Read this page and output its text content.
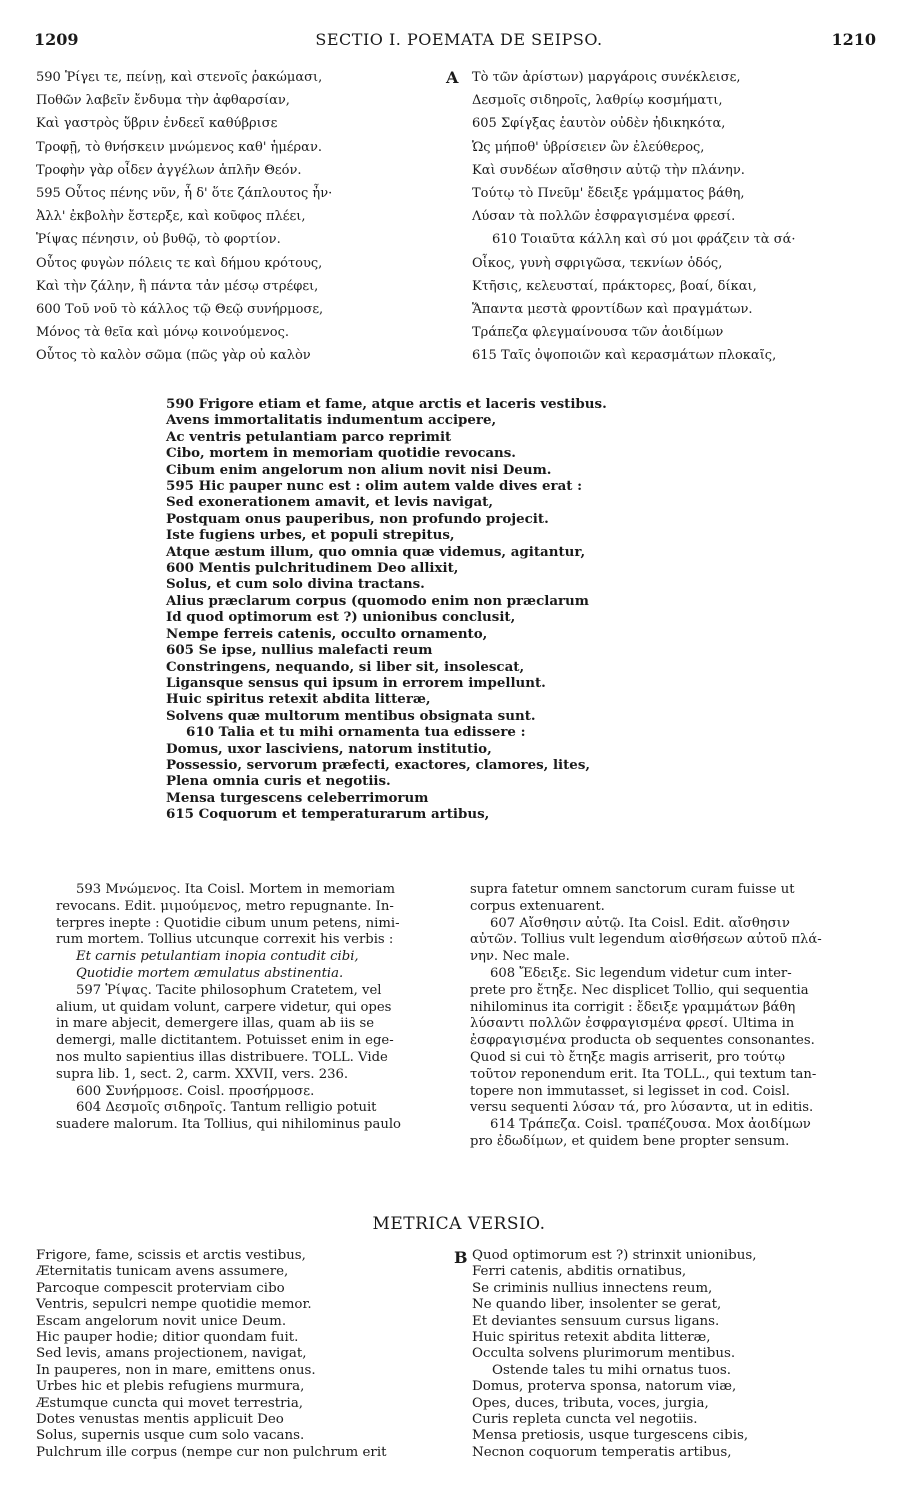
1209	SECTIO I. POEMATA DE SEIPSO.	1210
590 Ῥίγει τε, πείνῃ, καὶ στενοῖς ῥακώμασι,
Ποθῶν λαβεῖν ἔνδυμα τὴν ἀφθαρσίαν,
Καὶ γαστρὸς ὕβριν ἐνδεεῖ καθύβρισε
Τροφῇ, τὸ θνήσκειν μνώμενος καθ' ἡμέραν.
Τροφὴν γὰρ οἶδεν ἀγγέλων ἁπλῆν Θεόν.
595 Οὗτος πένης νῦν, ἦ δ' ὅτε ζάπλουτος ἦν·
Ἀλλ' ἐκβολὴν ἔστερξε, καὶ κοῦφος πλέει,
Ῥίψας πένησιν, οὐ βυθῷ, τὸ φορτίον.
Οὗτος φυγὼν πόλεις τε καὶ δήμου κρότους,
Καὶ τὴν ζάλην, ἣ πάντα τἀν μέσῳ στρέφει,
600 Τοῦ νοῦ τὸ κάλλος τῷ Θεῷ συνήρμοσε,
Μόνος τὰ θεῖα καὶ μόνῳ κοινούμενος.
Οὗτος τὸ καλὸν σῶμα (πῶς γὰρ οὐ καλὸν
A Τὸ τῶν ἀρίστων) μαργάροις συνέκλεισε,
Δεσμοῖς σιδηροῖς, λαθρίῳ κοσμήματι,
605 Σφίγξας ἑαυτὸν οὐδὲν ἠδικηκότα,
Ὡς μήποθ' ὑβρίσειεν ὢν ἐλεύθερος,
Καὶ συνδέων αἴσθησιν αὐτῷ τὴν πλάνην.
Τούτῳ τὸ Πνεῦμ' ἔδειξε γράμματος βάθη,
Λύσαν τὰ πολλῶν ἐσφραγισμένα φρεσί.
610 Τοιαῦτα κάλλη καὶ σύ μοι φράζειν τὰ σά·
Οἶκος, γυνὴ σφριγῶσα, τεκνίων ὁδός,
Κτῆσις, κελευσταί, πράκτορες, βοαί, δίκαι,
Ἅπαντα μεστὰ φροντίδων καὶ πραγμάτων.
Τράπεζα φλεγμαίνουσα τῶν ἀοιδίμων
615 Ταῖς ὀψοποιῶν καὶ κερασμάτων πλοκαῖς,
590 Frigore etiam et fame, atque arctis et laceris vestibus.
Avens immortalitatis indumentum accipere,
Ac ventris petulantiam parco reprimit
Cibo, mortem in memoriam quotidie revocans.
Cibum enim angelorum non alium novit nisi Deum.
595 Hic pauper nunc est : olim autem valde dives erat :
Sed exonerationem amavit, et levis navigat,
Postquam onus pauperibus, non profundo projecit.
Iste fugiens urbes, et populi strepitus,
Atque æstum illum, quo omnia quæ videmus, agitantur,
600 Mentis pulchritudinem Deo allixit,
Solus, et cum solo divina tractans.
Alius præclarum corpus (quomodo enim non præclarum
Id quod optimorum est ?) unionibus conclusit,
Nempe ferreis catenis, occulto ornamento,
605 Se ipse, nullius malefacti reum
Constringens, nequando, si liber sit, insolescat,
Ligansque sensus qui ipsum in errorem impellunt.
Huic spiritus retexit abdita litteræ,
Solvens quæ multorum mentibus obsignata sunt.
610 Talia et tu mihi ornamenta tua edissere :
Domus, uxor lasciviens, natorum institutio,
Possessio, servorum præfecti, exactores, clamores, lites,
Plena omnia curis et negotiis.
Mensa turgescens celeberrimorum
615 Coquorum et temperaturarum artibus,
593 Μνώμενος. Ita Coisl. Mortem in memoriam
revocans. Edit. μιμούμενος, metro repugnante. In-
terpres inepte : Quotidie cibum unum petens, nimi-
rum mortem. Tollius utcunque correxit his verbis :
Et carnis petulantiam inopia contudit cibi,
Quotidie mortem æmulatus abstinentia.
597 Ῥίψας. Tacite philosophum Cratetem, vel
alium, ut quidam volunt, carpere videtur, qui opes
in mare abjecit, demergere illas, quam ab iis se
demergi, malle dictitantem. Potuisset enim in ege-
nos multo sapientius illas distribuere. TOLL. Vide
supra lib. 1, sect. 2, carm. XXVII, vers. 236.
600 Συνήρμοσε. Coisl. προσήρμοσε.
604 Δεσμοῖς σιδηροῖς. Tantum relligio potuit
suadere malorum. Ita Tollius, qui nihilominus paulo
supra fatetur omnem sanctorum curam fuisse ut
corpus extenuarent.
607 Αἴσθησιν αὐτῷ. Ita Coisl. Edit. αἴσθησιν
αὐτῶν. Tollius vult legendum αἰσθήσεων αὐτοῦ πλά-
νην. Nec male.
608 Ἔδειξε. Sic legendum videtur cum inter-
prete pro ἔτηξε. Nec displicet Tollio, qui sequentia
nihilominus ita corrigit : ἔδειξε γραμμάτων βάθη
λύσαντι πολλῶν ἐσφραγισμένα φρεσί. Ultima in
ἐσφραγισμένα producta ob sequentes consonantes.
Quod si cui τὸ ἔτηξε magis arriserit, pro τούτῳ
τοῦτον reponendum erit. Ita TOLL., qui textum tan-
topere non immutasset, si legisset in cod. Coisl.
versu sequenti λύσαν τά, pro λύσαντα, ut in editis.
614 Τράπεζα. Coisl. τραπέζουσα. Mox ἀοιδίμων
pro ἐδωδίμων, et quidem bene propter sensum.
METRICA VERSIO.
Frigore, fame, scissis et arctis vestibus,
Æternitatis tunicam avens assumere,
Parcoque compescit proterviam cibo
Ventris, sepulcri nempe quotidie memor.
Escam angelorum novit unice Deum.
Hic pauper hodie; ditior quondam fuit.
Sed levis, amans projectionem, navigat,
In pauperes, non in mare, emittens onus.
Urbes hic et plebis refugiens murmura,
Æstumque cuncta qui movet terrestria,
Dotes venustas mentis applicuit Deo
Solus, supernis usque cum solo vacans.
Pulchrum ille corpus (nempe cur non pulchrum erit
B Quod optimorum est ?) strinxit unionibus,
Ferri catenis, abditis ornatibus,
Se criminis nullius innectens reum,
Ne quando liber, insolenter se gerat,
Et deviantes sensuum cursus ligans.
Huic spiritus retexit abdita litteræ,
Occulta solvens plurimorum mentibus.
Ostende tales tu mihi ornatus tuos.
Domus, proterva sponsa, natorum viæ,
Opes, duces, tributa, voces, jurgia,
Curis repleta cuncta vel negotiis.
Mensa pretiosis, usque turgescens cibis,
Necnon coquorum temperatis artibus,
